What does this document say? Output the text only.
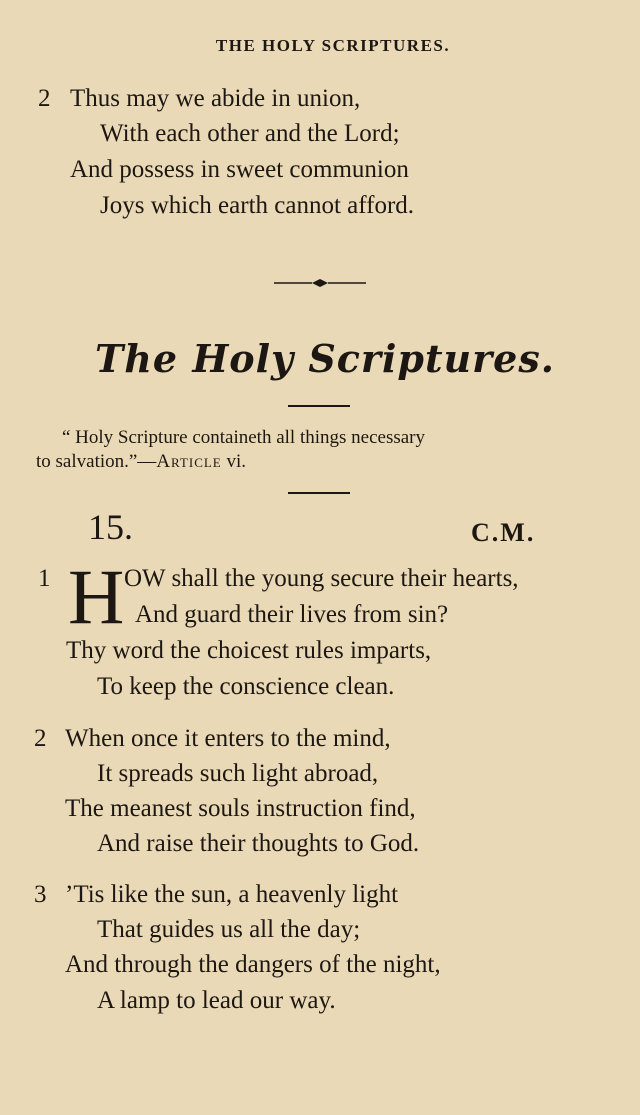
THE HOLY SCRIPTURES.
2 Thus may we abide in union,
With each other and the Lord;
And possess in sweet communion
Joys which earth cannot afford.
The Holy Scriptures.
“ Holy Scripture containeth all things necessary
to salvation.”—Article vi.
15.	C.M.
1 H OW shall the young secure their hearts,
And guard their lives from sin?
Thy word the choicest rules imparts,
To keep the conscience clean.
2 When once it enters to the mind,
It spreads such light abroad,
The meanest souls instruction find,
And raise their thoughts to God.
3 ’Tis like the sun, a heavenly light
That guides us all the day;
And through the dangers of the night,
A lamp to lead our way.
